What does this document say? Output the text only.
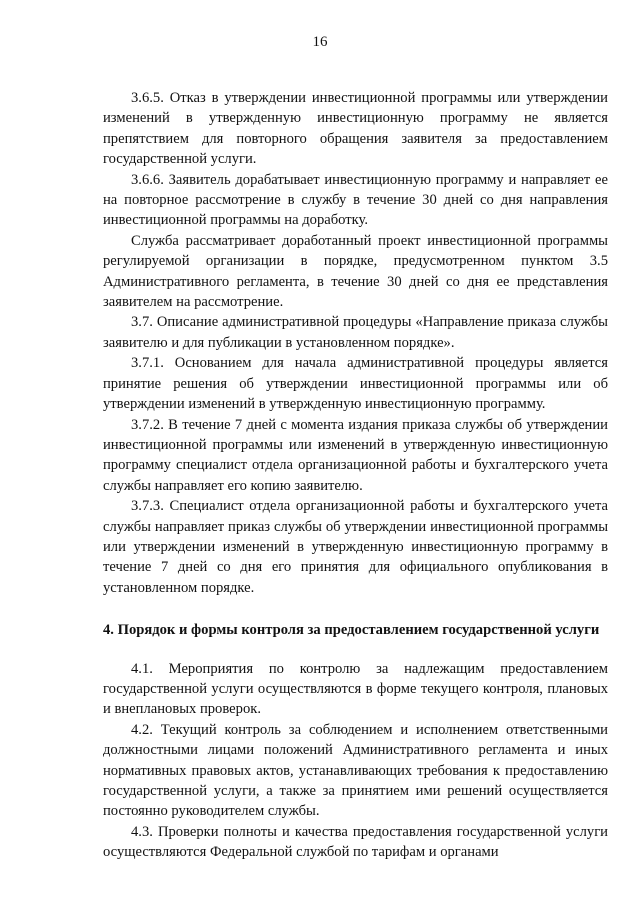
16

3.6.5. Отказ в утверждении инвестиционной программы или утверждении изменений в утвержденную инвестиционную программу не является препятствием для повторного обращения заявителя за предоставлением государственной услуги.

3.6.6. Заявитель дорабатывает инвестиционную программу и направляет ее на повторное рассмотрение в службу в течение 30 дней со дня направления инвестиционной программы на доработку.

Служба рассматривает доработанный проект инвестиционной программы регулируемой организации в порядке, предусмотренном пунктом 3.5 Административного регламента, в течение 30 дней со дня ее представления заявителем на рассмотрение.

3.7. Описание административной процедуры «Направление приказа службы заявителю и для публикации в установленном порядке».

3.7.1. Основанием для начала административной процедуры является принятие решения об утверждении инвестиционной программы или об утверждении изменений в утвержденную инвестиционную программу.

3.7.2. В течение 7 дней с момента издания приказа службы об утверждении инвестиционной программы или изменений в утвержденную инвестиционную программу специалист отдела организационной работы и бухгалтерского учета службы направляет его копию заявителю.

3.7.3. Специалист отдела организационной работы и бухгалтерского учета службы направляет приказ службы об утверждении инвестиционной программы или утверждении изменений в утвержденную инвестиционную программу в течение 7 дней со дня его принятия для официального опубликования в установленном порядке.

4. Порядок и формы контроля за предоставлением государственной услуги

4.1. Мероприятия по контролю за надлежащим предоставлением государственной услуги осуществляются в форме текущего контроля, плановых и внеплановых проверок.

4.2. Текущий контроль за соблюдением и исполнением ответственными должностными лицами положений Административного регламента и иных нормативных правовых актов, устанавливающих требования к предоставлению государственной услуги, а также за принятием ими решений осуществляется постоянно руководителем службы.

4.3. Проверки полноты и качества предоставления государственной услуги осуществляются Федеральной службой по тарифам и органами
